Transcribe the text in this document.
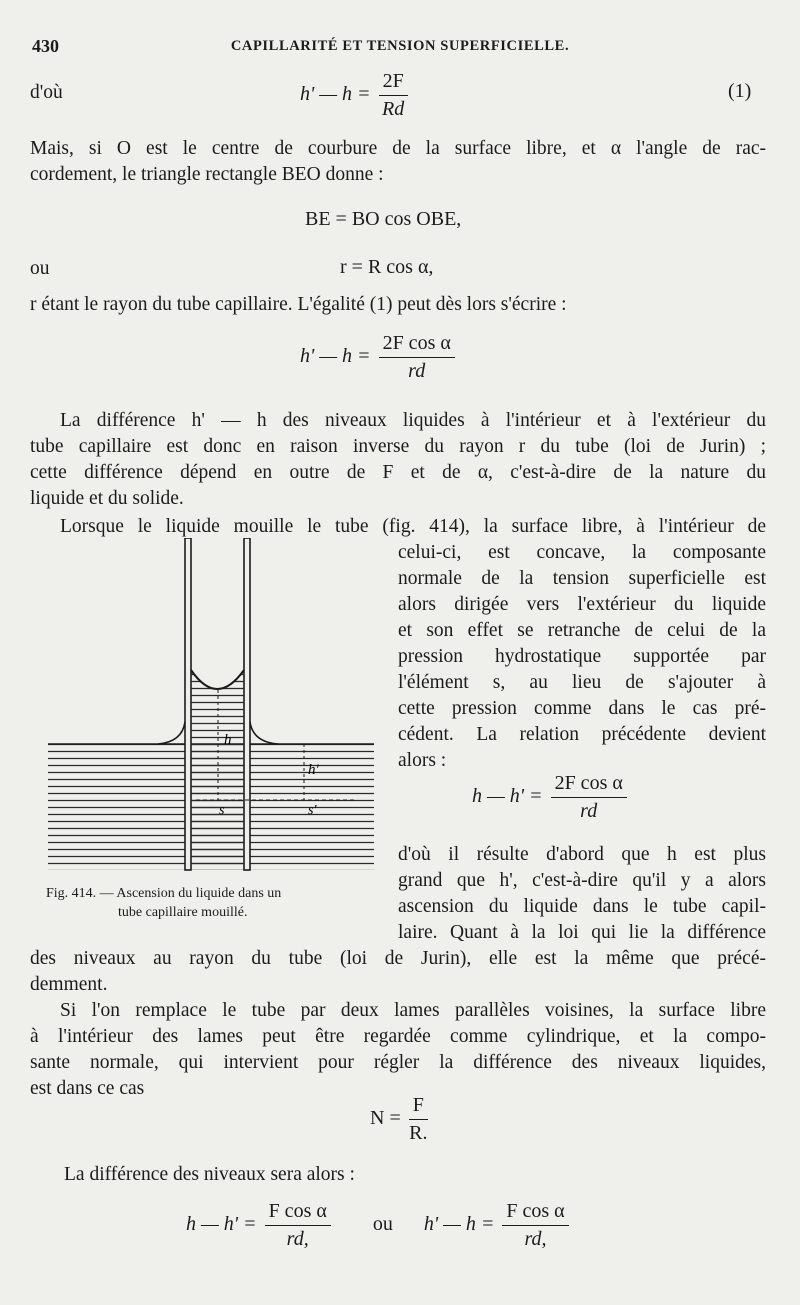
430	CAPILLARITÉ ET TENSION SUPERFICIELLE.
d'où	h' — $h = \frac{2F}{Rd}$	(1)
Mais, si O est le centre de courbure de la surface libre, et α l'angle de rac-
cordement, le triangle rectangle BEO donne :
BE = BO cos OBE,
ou	r = R cos α,
r étant le rayon du tube capillaire. L'égalité (1) peut dès lors s'écrire :
h' — $h = \frac{\text{2F cos α}}{rd}$
La différence h' — h des niveaux liquides à l'intérieur et à l'extérieur du
tube capillaire est donc en raison inverse du rayon r du tube (loi de Jurin) ;
cette différence dépend en outre de F et de α, c'est-à-dire de la nature du
liquide et du solide.
Lorsque le liquide mouille le tube (fig. 414), la surface libre, à l'intérieur de
celui-ci, est concave, la composante
normale de la tension superficielle est
alors dirigée vers l'extérieur du liquide
et son effet se retranche de celui de la
pression hydrostatique supportée par
l'élément s, au lieu de s'ajouter à
cette pression comme dans le cas pré-
cédent. La relation précédente devient
alors :
h — $h' = \frac{\text{2F cos α}}{rd}$
d'où il résulte d'abord que h est plus
grand que h', c'est-à-dire qu'il y a alors
ascension du liquide dans le tube capil-
laire. Quant à la loi qui lie la différence
des niveaux au rayon du tube (loi de Jurin), elle est la même que précé-
demment.
h
h'
s	s'
Fig. 414. — Ascension du liquide dans un
tube capillaire mouillé.
Si l'on remplace le tube par deux lames parallèles voisines, la surface libre
à l'intérieur des lames peut être regardée comme cylindrique, et la compo-
sante normale, qui intervient pour régler la différence des niveaux liquides,
est dans ce cas
$N = \frac{F}{R.}$
La différence des niveaux sera alors :
h — $h' = \frac{\text{F cos α}}{rd,}$ ou h' — $h = \frac{\text{F cos α}}{rd,}$
